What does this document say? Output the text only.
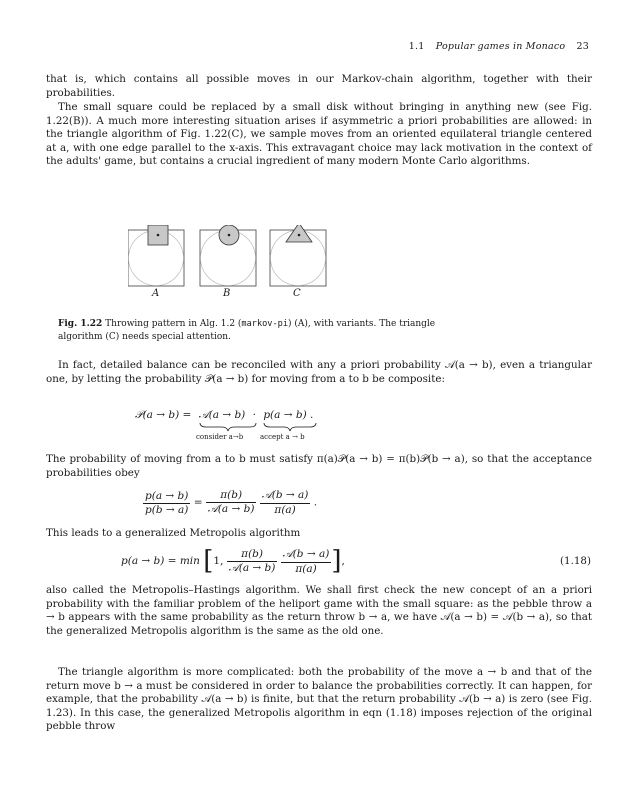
1.1 Popular games in Monaco 23

that is, which contains all possible moves in our Markov-chain algorithm, together with their probabilities.

The small square could be replaced by a small disk without bringing in anything new (see Fig. 1.22(B)). A much more interesting situation arises if asymmetric a priori probabilities are allowed: in the triangle algorithm of Fig. 1.22(C), we sample moves from an oriented equilateral triangle centered at a, with one edge parallel to the x-axis. This extravagant choice may lack motivation in the context of the adults' game, but contains a crucial ingredient of many modern Monte Carlo algorithms.

A	B	C

Fig. 1.22 Throwing pattern in Alg. 1.2 (markov-pi) (A), with variants. The triangle algorithm (C) needs special attention.

In fact, detailed balance can be reconciled with any a priori probability 𝒜(a → b), even a triangular one, by letting the probability 𝒫(a → b) for moving from a to b be composite:

𝒫(a → b) = 𝒜(a → b) · p(a → b) .
consider a→b accept a → b

The probability of moving from a to b must satisfy π(a)𝒫(a → b) = π(b)𝒫(b → a), so that the acceptance probabilities obey

$\frac{p(a \to b)}{p(b \to a)} = \frac{\pi(b)}{\text{𝒜(a → b)}}$
$\frac{\text{𝒜(b → a)}}{\pi(a)}$ .

This leads to a generalized Metropolis algorithm

p(a → b) = min [1, $\frac{\pi(b)}{\text{𝒜(a → b)}}$
$\frac{\text{𝒜(b → a)}}{\pi(a)}$ ],	(1.18)

also called the Metropolis–Hastings algorithm. We shall first check the new concept of an a priori probability with the familiar problem of the heliport game with the small square: as the pebble throw a → b appears with the same probability as the return throw b → a, we have 𝒜(a → b) = 𝒜(b → a), so that the generalized Metropolis algorithm is the same as the old one.

The triangle algorithm is more complicated: both the probability of the move a → b and that of the return move b → a must be considered in order to balance the probabilities correctly. It can happen, for example, that the probability 𝒜(a → b) is finite, but that the return probability 𝒜(b → a) is zero (see Fig. 1.23). In this case, the generalized Metropolis algorithm in eqn (1.18) imposes rejection of the original pebble throw
